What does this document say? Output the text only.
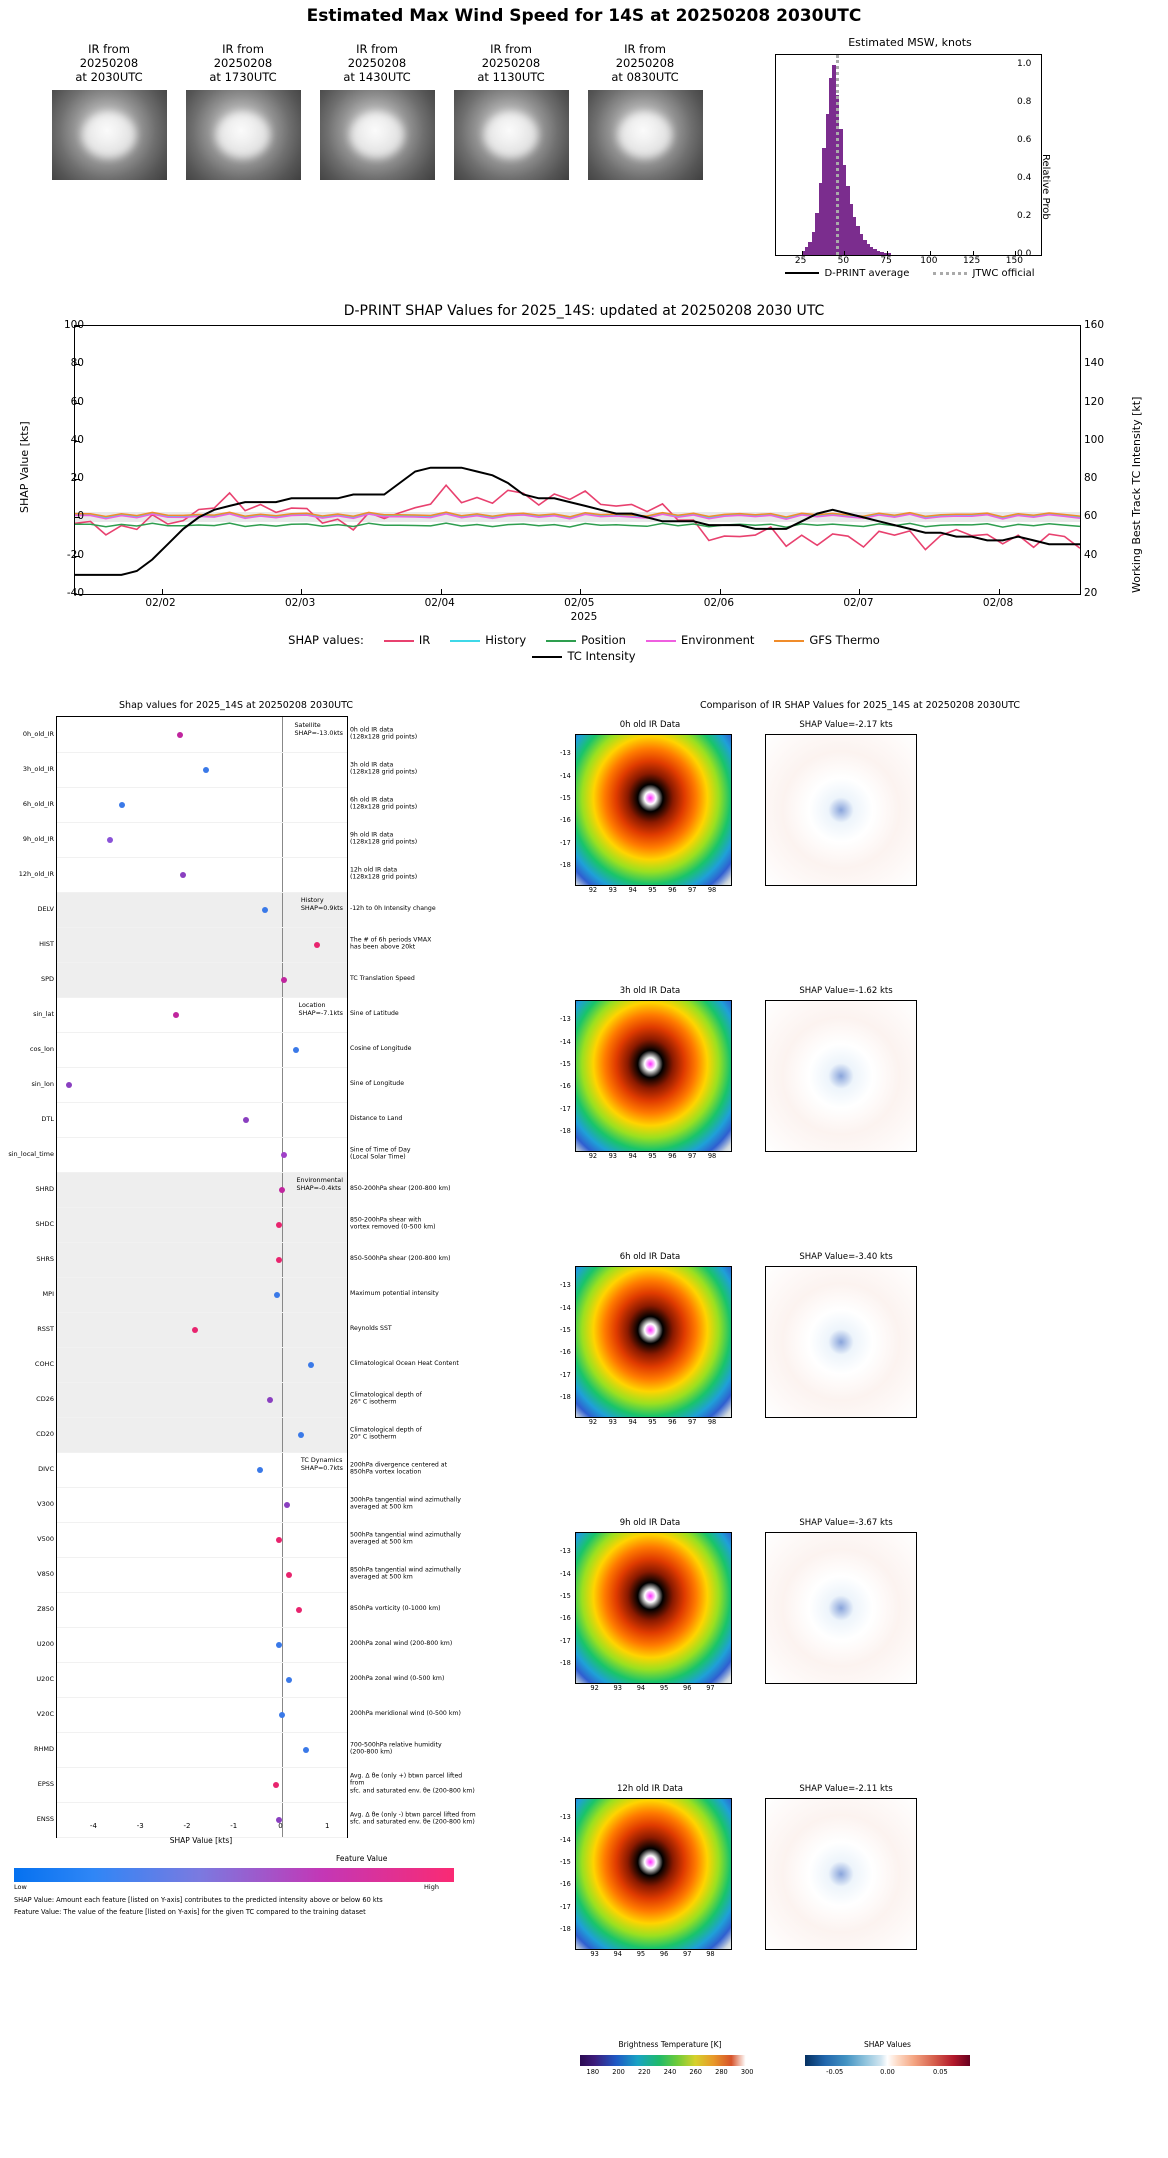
Estimated Max Wind Speed for 14S at 20250208 2030UTC
IR from
20250208
at 2030UTC
IR from
20250208
at 1730UTC
IR from
20250208
at 1430UTC
IR from
20250208
at 1130UTC
IR from
20250208
at 0830UTC
Estimated MSW, knots
Relative Prob
D-PRINT average	JTWC official
25	50	75	100	125	150
0.0
0.2
0.4
0.6
0.8
1.0
D-PRINT SHAP Values for 2025_14S: updated at 20250208 2030 UTC
SHAP Value [kts]	Working Best Track TC Intensity [kt]
2025
SHAP values:	IR	History	Position	Environment	GFS Thermo
TC Intensity
-40
-20
0
20
40
60
80
100
20
40
60
80
100
120
140
160
02/02	02/03	02/04	02/05	02/06	02/07	02/08
Shap values for 2025_14S at 20250208 2030UTC
Satellite SHAP=-13.0kts
History SHAP=0.9kts
Location SHAP=-7.1kts
Environmental SHAP=-0.4kts
TC Dynamics SHAP=0.7kts
SHAP Value [kts]
Feature Value
Low	High
SHAP Value: Amount each feature [listed on Y-axis] contributes to the predicted intensity above or below 60 kts
Feature Value: The value of the feature [listed on Y-axis] for the given TC compared to the training dataset
0h_old_IR
0h old IR data
(128x128 grid points)
3h_old_IR
3h old IR data
(128x128 grid points)
6h_old_IR
6h old IR data
(128x128 grid points)
9h_old_IR
9h old IR data
(128x128 grid points)
12h_old_IR
12h old IR data
(128x128 grid points)
DELV	-12h to 0h Intensity change
HIST
The # of 6h periods VMAX
has been above 20kt
SPD	TC Translation Speed
sin_lat	Sine of Latitude
cos_lon	Cosine of Longitude
sin_lon	Sine of Longitude
DTL	Distance to Land
sin_local_time
Sine of Time of Day
(Local Solar Time)
SHRD	850-200hPa shear (200-800 km)
SHDC
850-200hPa shear with
vortex removed (0-500 km)
SHRS	850-500hPa shear (200-800 km)
MPI	Maximum potential intensity
RSST	Reynolds SST
COHC	Climatological Ocean Heat Content
CD26
Climatological depth of
26° C isotherm
CD20
Climatological depth of
20° C isotherm
DIVC
200hPa divergence centered at
850hPa vortex location
V300
300hPa tangential wind azimuthally
averaged at 500 km
V500
500hPa tangential wind azimuthally
averaged at 500 km
V850
850hPa tangential wind azimuthally
averaged at 500 km
Z850	850hPa vorticity (0-1000 km)
U200	200hPa zonal wind (200-800 km)
U20C	200hPa zonal wind (0-500 km)
V20C	200hPa meridional wind (0-500 km)
RHMD
700-500hPa relative humidity
(200-800 km)
EPSS
Avg. Δ θe (only +) btwn parcel lifted from
sfc. and saturated env. θe (200-800 km)
ENSS
Avg. Δ θe (only -) btwn parcel lifted from
sfc. and saturated env. θe (200-800 km)
-4	-3	-2	-1	0	1
Comparison of IR SHAP Values for 2025_14S at 20250208 2030UTC
Brightness Temperature [K]	SHAP Values
0h old IR Data	SHAP Value=-2.17 kts
92 93 94 95 96 97 98
-13
-14
-15
-16
-17
-18
3h old IR Data	SHAP Value=-1.62 kts
92 93 94 95 96 97 98
-13
-14
-15
-16
-17
-18
6h old IR Data	SHAP Value=-3.40 kts
92 93 94 95 96 97 98
-13
-14
-15
-16
-17
-18
9h old IR Data	SHAP Value=-3.67 kts
92 93 94 95 96 97
-13
-14
-15
-16
-17
-18
12h old IR Data	SHAP Value=-2.11 kts
93 94 95 96 97 98
-13
-14
-15
-16
-17
-18
180 200 220 240 260 280 300	-0.05	0.00	0.05
